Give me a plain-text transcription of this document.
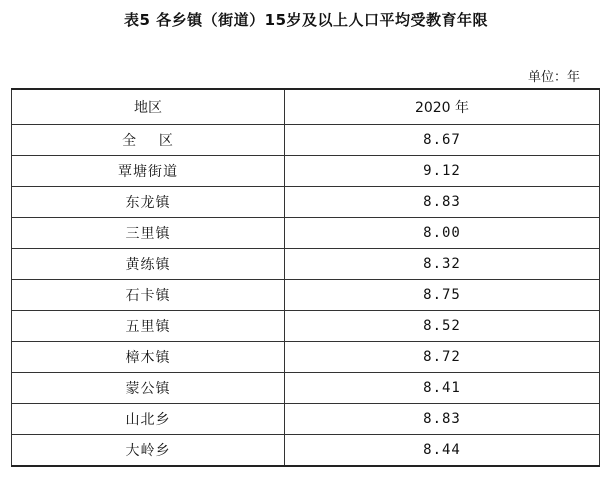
表5 各乡镇（街道）15岁及以上人口平均受教育年限
单位：年
地区	2020 年
全    区	8.67
覃塘街道	9.12
东龙镇	8.83
三里镇	8.00
黄练镇	8.32
石卡镇	8.75
五里镇	8.52
樟木镇	8.72
蒙公镇	8.41
山北乡	8.83
大岭乡	8.44
